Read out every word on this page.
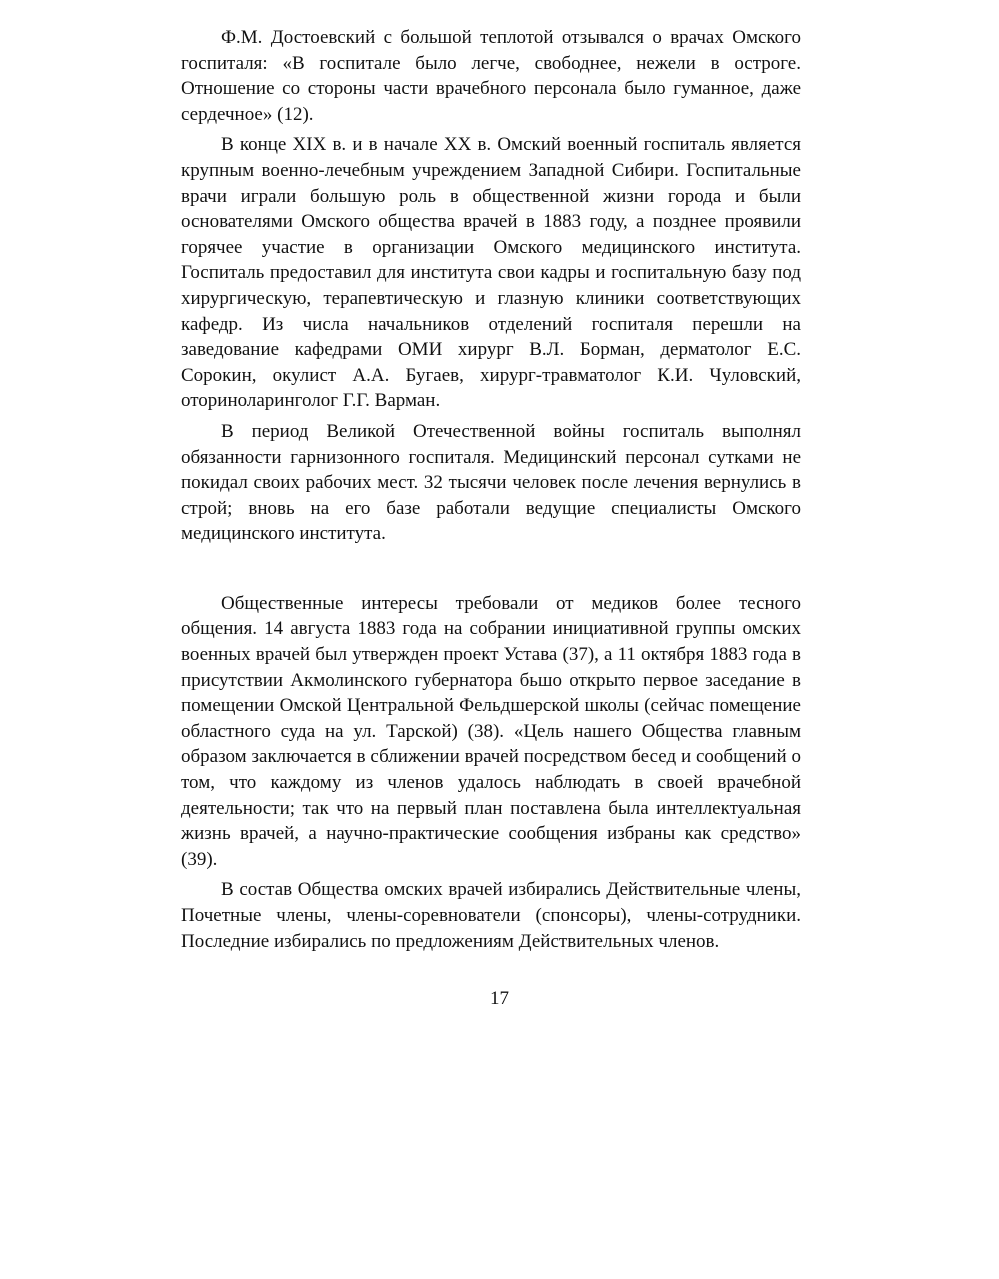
Ф.М. Достоевский с большой теплотой отзывался о врачах Омского госпиталя: «В госпитале было легче, свободнее, нежели в остроге. Отношение со стороны части врачебного персонала было гуманное, даже сердечное» (12).

В конце XIX в. и в начале XX в. Омский военный госпиталь является крупным военно-лечебным учреждением Западной Сибири. Госпитальные врачи играли большую роль в общественной жизни города и были основателями Омского общества врачей в 1883 году, а позднее проявили горячее участие в организации Омского медицинского института. Госпиталь предоставил для института свои кадры и госпитальную базу под хирургическую, терапевтическую и глазную клиники соответствующих кафедр. Из числа начальников отделений госпиталя перешли на заведование кафедрами ОМИ хирург В.Л. Борман, дерматолог Е.С. Сорокин, окулист А.А. Бугаев, хирург-травматолог К.И. Чуловский, оториноларинголог Г.Г. Варман.

В период Великой Отечественной войны госпиталь выполнял обязанности гарнизонного госпиталя. Медицинский персонал сутками не покидал своих рабочих мест. 32 тысячи человек после лечения вернулись в строй; вновь на его базе работали ведущие специалисты Омского медицинского института.

Общественные интересы требовали от медиков более тесного общения. 14 августа 1883 года на собрании инициативной группы омских военных врачей был утвержден проект Устава (37), а 11 октября 1883 года в присутствии Акмолинского губернатора бьшо открыто первое заседание в помещении Омской Центральной Фельдшерской школы (сейчас помещение областного суда на ул. Тарской) (38). «Цель нашего Общества главным образом заключается в сближении врачей посредством бесед и сообщений о том, что каждому из членов удалось наблюдать в своей врачебной деятельности; так что на первый план поставлена была интеллектуальная жизнь врачей, а научно-практические сообщения избраны как средство» (39).

В состав Общества омских врачей избирались Действительные члены, Почетные члены, члены-соревнователи (спонсоры), члены-сотрудники. Последние избирались по предложениям Действительных членов.

17
